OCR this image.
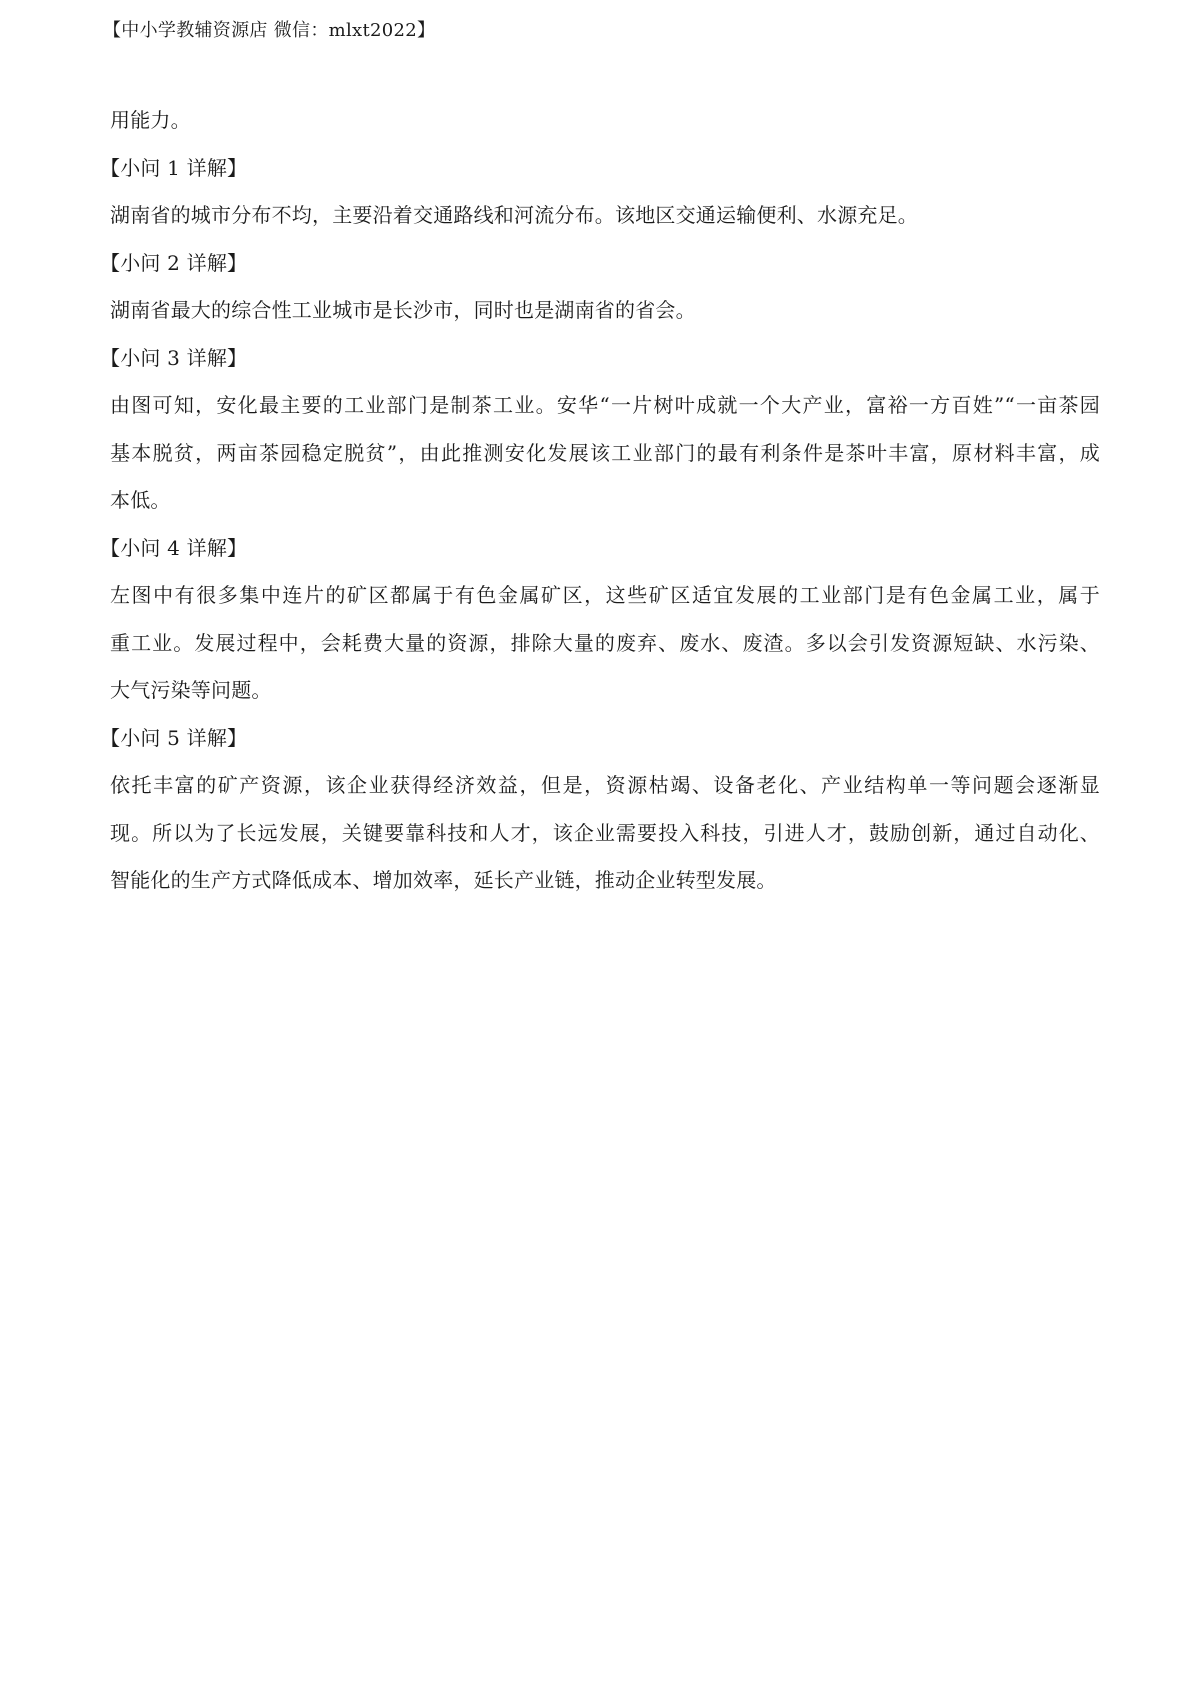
【中小学教辅资源店 微信：mlxt2022】
用能力。
【小问 1 详解】
湖南省的城市分布不均，主要沿着交通路线和河流分布。该地区交通运输便利、水源充足。
【小问 2 详解】
湖南省最大的综合性工业城市是长沙市，同时也是湖南省的省会。
【小问 3 详解】
由图可知，安化最主要的工业部门是制茶工业。安华“一片树叶成就一个大产业，富裕一方百姓”“一亩茶园
基本脱贫，两亩茶园稳定脱贫”，由此推测安化发展该工业部门的最有利条件是茶叶丰富，原材料丰富，成
本低。
【小问 4 详解】
左图中有很多集中连片的矿区都属于有色金属矿区，这些矿区适宜发展的工业部门是有色金属工业，属于
重工业。发展过程中，会耗费大量的资源，排除大量的废弃、废水、废渣。多以会引发资源短缺、水污染、
大气污染等问题。
【小问 5 详解】
依托丰富的矿产资源，该企业获得经济效益，但是，资源枯竭、设备老化、产业结构单一等问题会逐渐显
现。所以为了长远发展，关键要靠科技和人才，该企业需要投入科技，引进人才，鼓励创新，通过自动化、
智能化的生产方式降低成本、增加效率，延长产业链，推动企业转型发展。
